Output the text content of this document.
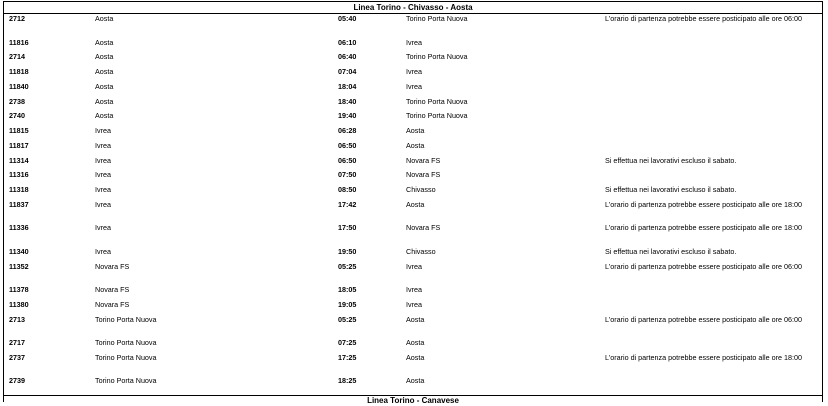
Linea Torino - Chivasso - Aosta
2712	Aosta	05:40	Torino Porta Nuova	L’orario di partenza potrebbe essere posticipato alle ore 06:00
11816	Aosta	06:10	Ivrea	
2714	Aosta	06:40	Torino Porta Nuova	
11818	Aosta	07:04	Ivrea	
11840	Aosta	18:04	Ivrea	
2738	Aosta	18:40	Torino Porta Nuova	
2740	Aosta	19:40	Torino Porta Nuova	
11815	Ivrea	06:28	Aosta	
11817	Ivrea	06:50	Aosta	
11314	Ivrea	06:50	Novara FS	Si effettua nei lavorativi escluso il sabato.
11316	Ivrea	07:50	Novara FS	
11318	Ivrea	08:50	Chivasso	Si effettua nei lavorativi escluso il sabato.
11837	Ivrea	17:42	Aosta	L’orario di partenza potrebbe essere posticipato alle ore 18:00
11336	Ivrea	17:50	Novara FS	L’orario di partenza potrebbe essere posticipato alle ore 18:00
11340	Ivrea	19:50	Chivasso	Si effettua nei lavorativi escluso il sabato.
11352	Novara FS	05:25	Ivrea	L’orario di partenza potrebbe essere posticipato alle ore 06:00
11378	Novara FS	18:05	Ivrea	
11380	Novara FS	19:05	Ivrea	
2713	Torino Porta Nuova	05:25	Aosta	L’orario di partenza potrebbe essere posticipato alle ore 06:00
2717	Torino Porta Nuova	07:25	Aosta	
2737	Torino Porta Nuova	17:25	Aosta	L’orario di partenza potrebbe essere posticipato alle ore 18:00
2739	Torino Porta Nuova	18:25	Aosta	
Linea Torino - Canavese
